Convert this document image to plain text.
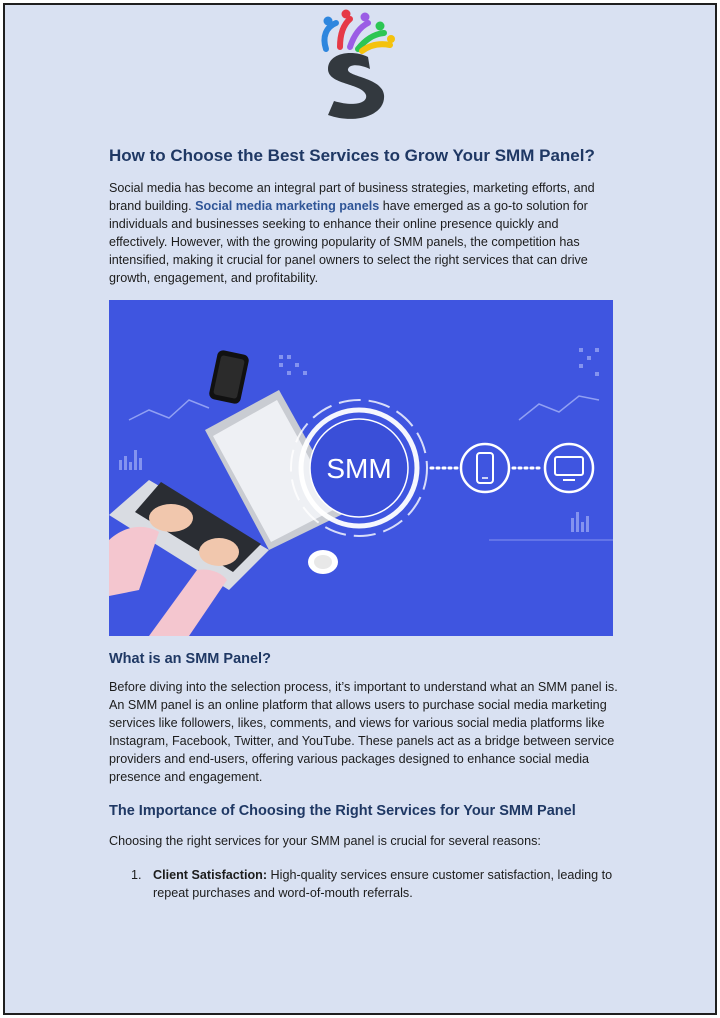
How to Choose the Best Services to Grow Your SMM Panel?

Social media has become an integral part of business strategies, marketing efforts, and brand building. Social media marketing panels have emerged as a go-to solution for individuals and businesses seeking to enhance their online presence quickly and effectively. However, with the growing popularity of SMM panels, the competition has intensified, making it crucial for panel owners to select the right services that can drive growth, engagement, and profitability.

SMM
What is an SMM Panel?

Before diving into the selection process, it’s important to understand what an SMM panel is. An SMM panel is an online platform that allows users to purchase social media marketing services like followers, likes, comments, and views for various social media platforms like Instagram, Facebook, Twitter, and YouTube. These panels act as a bridge between service providers and end-users, offering various packages designed to enhance social media presence and engagement.

The Importance of Choosing the Right Services for Your SMM Panel

Choosing the right services for your SMM panel is crucial for several reasons:

1. Client Satisfaction: High-quality services ensure customer satisfaction, leading to repeat purchases and word-of-mouth referrals.
